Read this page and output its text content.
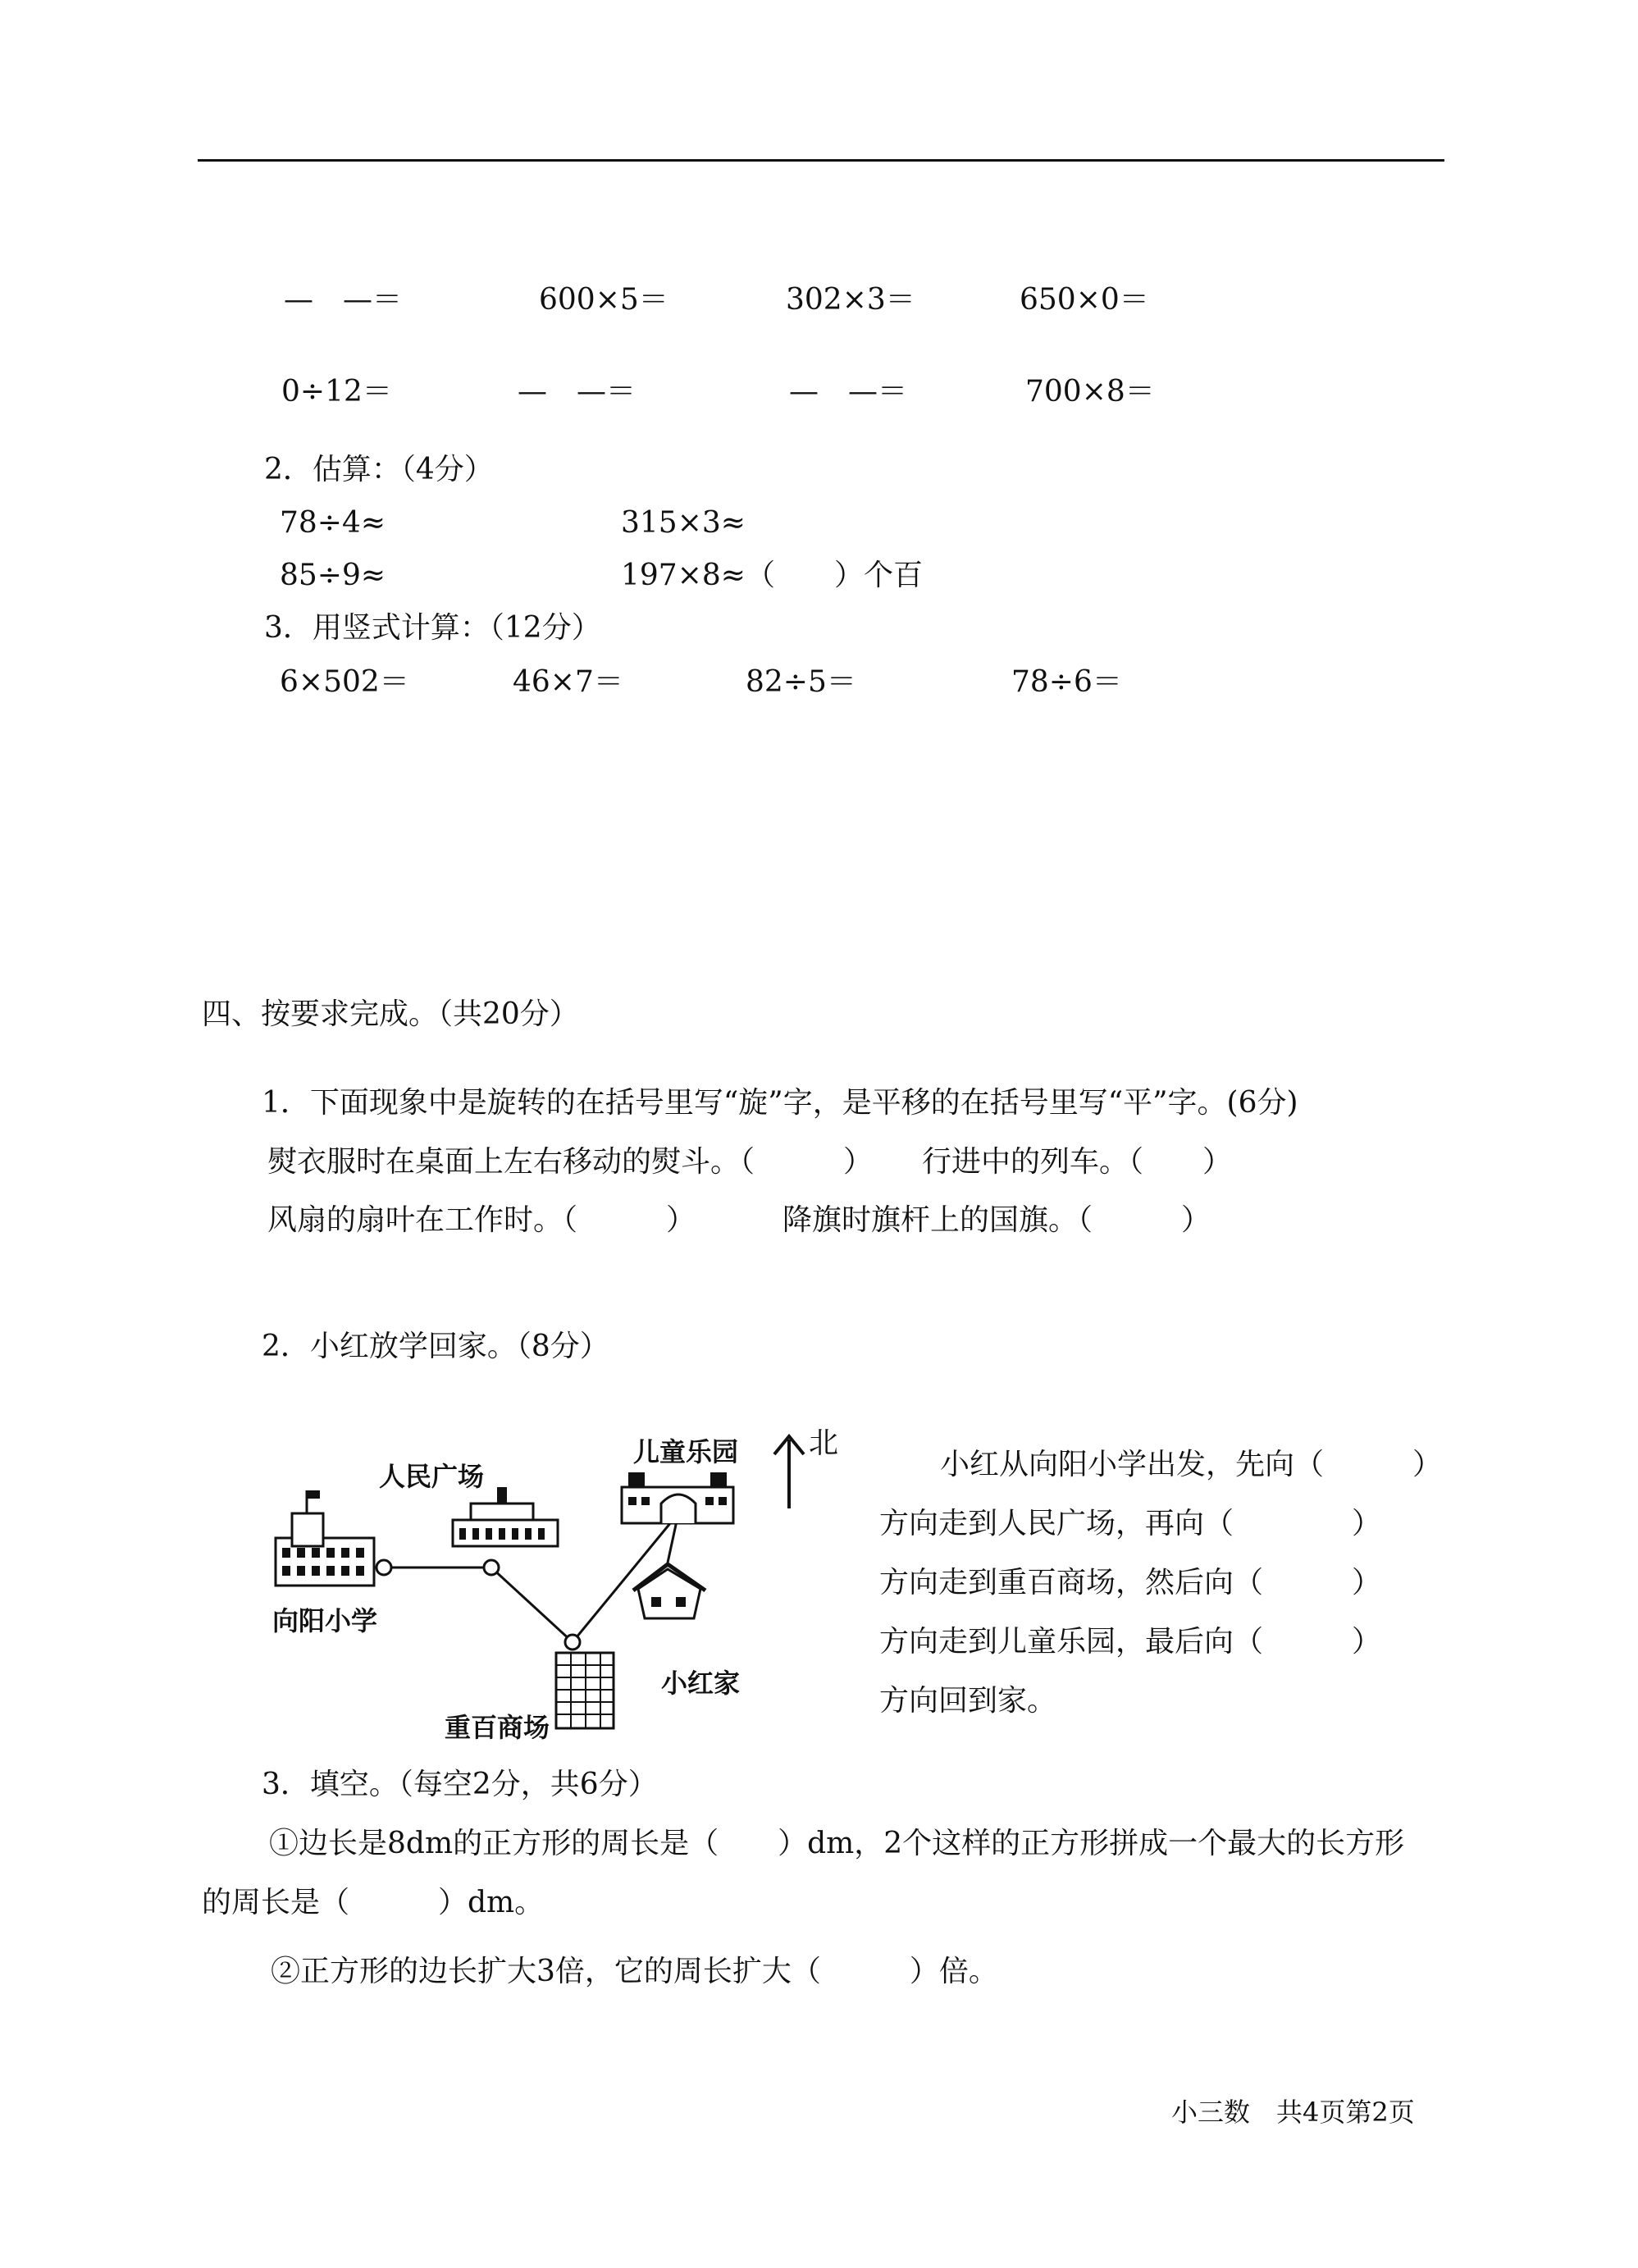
—　—＝	600×5＝	302×3＝	650×0＝
0÷12＝	—　—＝	—　—＝	700×8＝
2．估算：（4分）
78÷4≈	315×3≈
85÷9≈	197×8≈（　　）个百
3．用竖式计算：（12分）
6×502＝	46×7＝	82÷5＝	78÷6＝
四、按要求完成。（共20分）
1．下面现象中是旋转的在括号里写“旋”字，是平移的在括号里写“平”字。(6分)
熨衣服时在桌面上左右移动的熨斗。（　　　） 行进中的列车。（　　）
风扇的扇叶在工作时。（　　　）	降旗时旗杆上的国旗。（　　　）
2．小红放学回家。（8分）
向阳小学
人民广场
重百商场
儿童乐园
小红家
北
小红从向阳小学出发，先向（　　　）
方向走到人民广场，再向（　　　　）
方向走到重百商场，然后向（　　　）
方向走到儿童乐园，最后向（　　　）
方向回到家。
3．填空。（每空2分，共6分）
①边长是8dm的正方形的周长是（　　）dm，2个这样的正方形拼成一个最大的长方形
的周长是（　　　）dm。
②正方形的边长扩大3倍，它的周长扩大（　　　）倍。
小三数　共4页第2页
